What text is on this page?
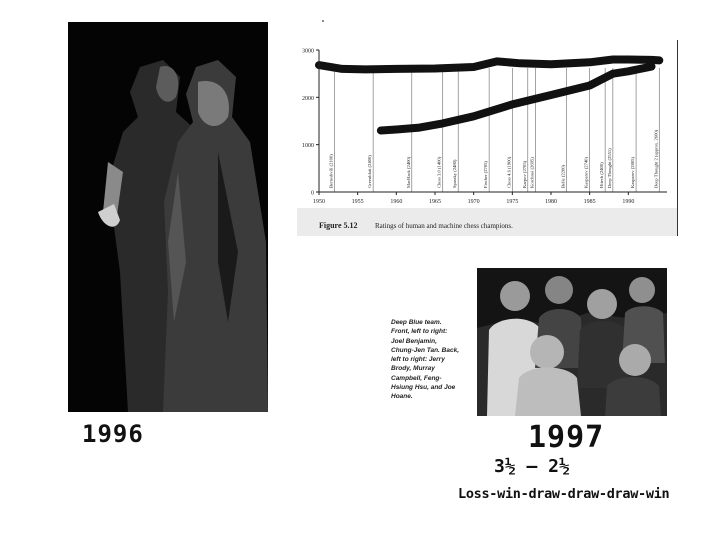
Bertoshvili (2100)	Greenblatt (2400)	MacHack (2400)	Chess 3.0 (1400) Spassky (2480)	Fischer (2785)	Chess 4.6 (1900) Karpov (2705) Korchnoi (2695)	Belle (2200)	Kasparov (2740) Hitech (2400) Deep Thought (2551)	Kasparov (2805)	Deep Thought 2 (approx. 2600)
3000
2000
1000
0
1950	1955	1960	1965	1970	1975	1980	1985	1990
Figure 5.12 Ratings of human and machine chess champions.
Deep Blue team.
Front, left to right:
Joel Benjamin,
Chung-Jen Tan. Back,
left to right: Jerry
Brody, Murray
Campbell, Feng-
Hsiung Hsu, and Joe
Hoane.
1996	1997
3½ – 2½
Loss-win-draw-draw-draw-win
